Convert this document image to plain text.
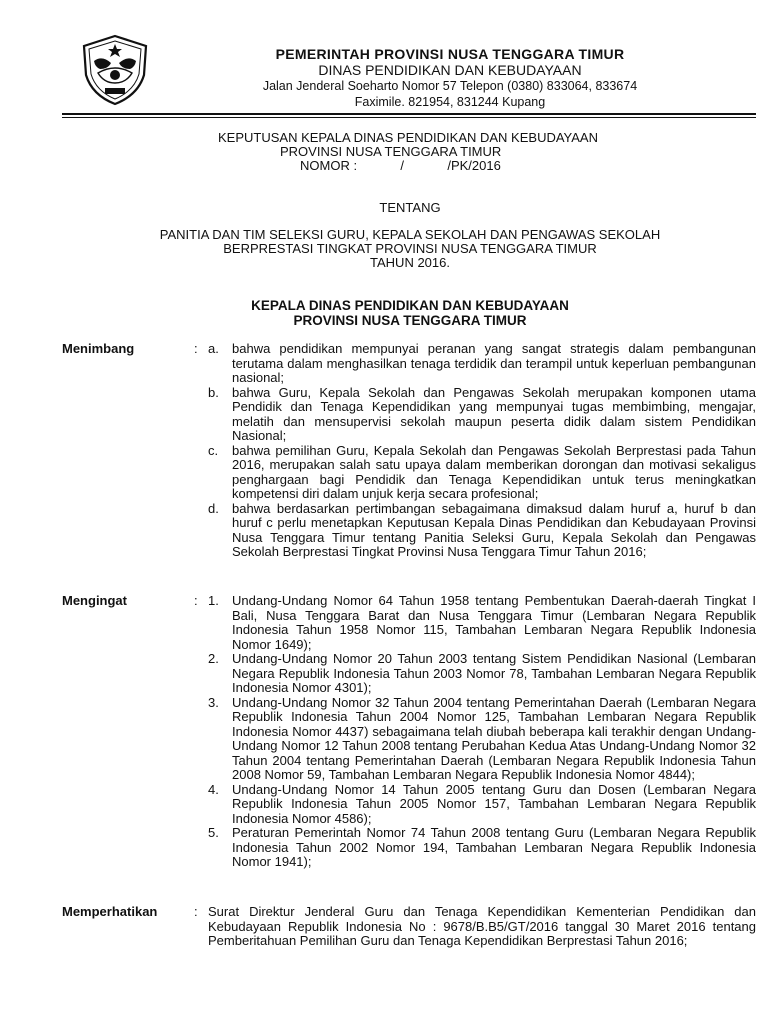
PEMERINTAH PROVINSI NUSA TENGGARA TIMUR
DINAS PENDIDIKAN DAN KEBUDAYAAN
Jalan Jenderal Soeharto Nomor 57 Telepon (0380) 833064, 833674
Faximile. 821954, 831244 Kupang
KEPUTUSAN KEPALA DINAS PENDIDIKAN DAN KEBUDAYAAN
PROVINSI NUSA TENGGARA TIMUR
NOMOR :            /            /PK/2016
TENTANG
PANITIA DAN TIM SELEKSI GURU, KEPALA SEKOLAH DAN PENGAWAS SEKOLAH
BERPRESTASI TINGKAT PROVINSI NUSA TENGGARA TIMUR
TAHUN 2016.
KEPALA DINAS PENDIDIKAN DAN KEBUDAYAAN
PROVINSI NUSA TENGGARA TIMUR
Menimbang	: a.	bahwa pendidikan mempunyai peranan yang sangat strategis dalam pembangunan terutama dalam menghasilkan tenaga terdidik dan terampil untuk keperluan pembangunan nasional;
b.	bahwa Guru, Kepala Sekolah dan Pengawas Sekolah merupakan komponen utama Pendidik dan Tenaga Kependidikan yang mempunyai tugas membimbing, mengajar, melatih dan mensupervisi sekolah maupun peserta didik dalam sistem Pendidikan Nasional;
c.	bahwa pemilihan Guru, Kepala Sekolah dan Pengawas Sekolah Berprestasi pada Tahun 2016, merupakan salah satu upaya dalam memberikan dorongan dan motivasi sekaligus penghargaan bagi Pendidik dan Tenaga Kependidikan untuk terus meningkatkan kompetensi diri dalam unjuk kerja secara profesional;
d.	bahwa berdasarkan pertimbangan sebagaimana dimaksud dalam huruf a, huruf b dan huruf c perlu menetapkan Keputusan Kepala Dinas Pendidikan dan Kebudayaan Provinsi Nusa Tenggara Timur tentang Panitia Seleksi Guru, Kepala Sekolah dan Pengawas Sekolah Berprestasi Tingkat Provinsi Nusa Tenggara Timur Tahun 2016;
Mengingat	: 1.	Undang-Undang Nomor 64 Tahun 1958 tentang Pembentukan Daerah-daerah Tingkat I Bali, Nusa Tenggara Barat dan Nusa Tenggara Timur (Lembaran Negara Republik Indonesia Tahun 1958 Nomor 115, Tambahan Lembaran Negara Republik Indonesia Nomor 1649);
2.	Undang-Undang Nomor 20 Tahun 2003 tentang Sistem Pendidikan Nasional (Lembaran Negara Republik Indonesia Tahun 2003 Nomor 78, Tambahan Lembaran Negara Republik Indonesia Nomor 4301);
3.	Undang-Undang Nomor 32 Tahun 2004 tentang Pemerintahan Daerah (Lembaran Negara Republik Indonesia Tahun 2004 Nomor 125, Tambahan Lembaran Negara Republik Indonesia Nomor 4437) sebagaimana telah diubah beberapa kali terakhir dengan Undang-Undang Nomor 12 Tahun 2008 tentang Perubahan Kedua Atas Undang-Undang Nomor 32 Tahun 2004 tentang Pemerintahan Daerah (Lembaran Negara Republik Indonesia Tahun 2008 Nomor 59, Tambahan Lembaran Negara Republik Indonesia Nomor 4844);
4.	Undang-Undang Nomor 14 Tahun 2005 tentang Guru dan Dosen (Lembaran Negara Republik Indonesia Tahun 2005 Nomor 157, Tambahan Lembaran Negara Republik Indonesia Nomor 4586);
5.	Peraturan Pemerintah Nomor 74 Tahun 2008 tentang Guru (Lembaran Negara Republik Indonesia Tahun 2002 Nomor 194, Tambahan Lembaran Negara Republik Indonesia Nomor 1941);
Memperhatikan	: Surat Direktur Jenderal Guru dan Tenaga Kependidikan Kementerian Pendidikan dan Kebudayaan Republik Indonesia No : 9678/B.B5/GT/2016 tanggal 30 Maret 2016 tentang Pemberitahuan Pemilihan Guru dan Tenaga Kependidikan Berprestasi Tahun 2016;
